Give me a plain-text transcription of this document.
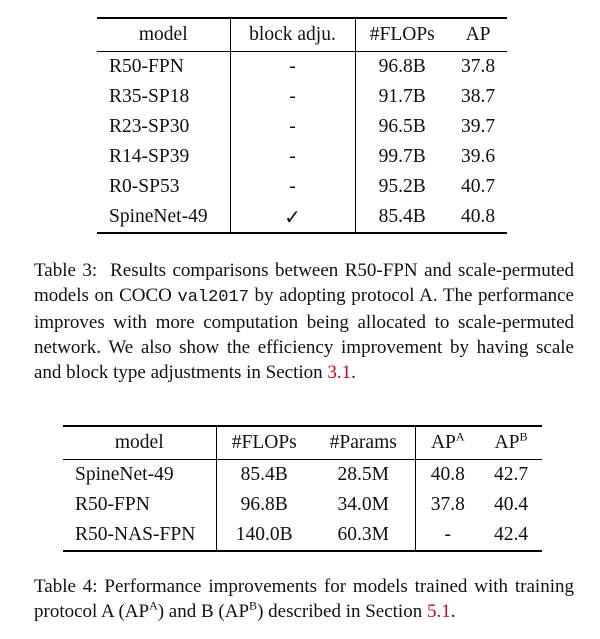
model	block adju.	#FLOPs	AP
R50-FPN	-	96.8B	37.8
R35-SP18	-	91.7B	38.7
R23-SP30	-	96.5B	39.7
R14-SP39	-	99.7B	39.6
R0-SP53	-	95.2B	40.7
SpineNet-49	✓	85.4B	40.8
Table 3: Results comparisons between R50-FPN and scale-permuted models on COCO val2017 by adopting protocol A. The performance improves with more computation being allocated to scale-permuted network. We also show the efficiency improvement by having scale and block type adjustments in Section 3.1.
model	#FLOPs	#Params	$AP^A$	$AP^B$
SpineNet-49	85.4B	28.5M	40.8	42.7
R50-FPN	96.8B	34.0M	37.8	40.4
R50-NAS-FPN	140.0B	60.3M	-	42.4
Table 4: Performance improvements for models trained with training protocol A $(AP^A)$ and B $(AP^B)$ described in Section 5.1.
